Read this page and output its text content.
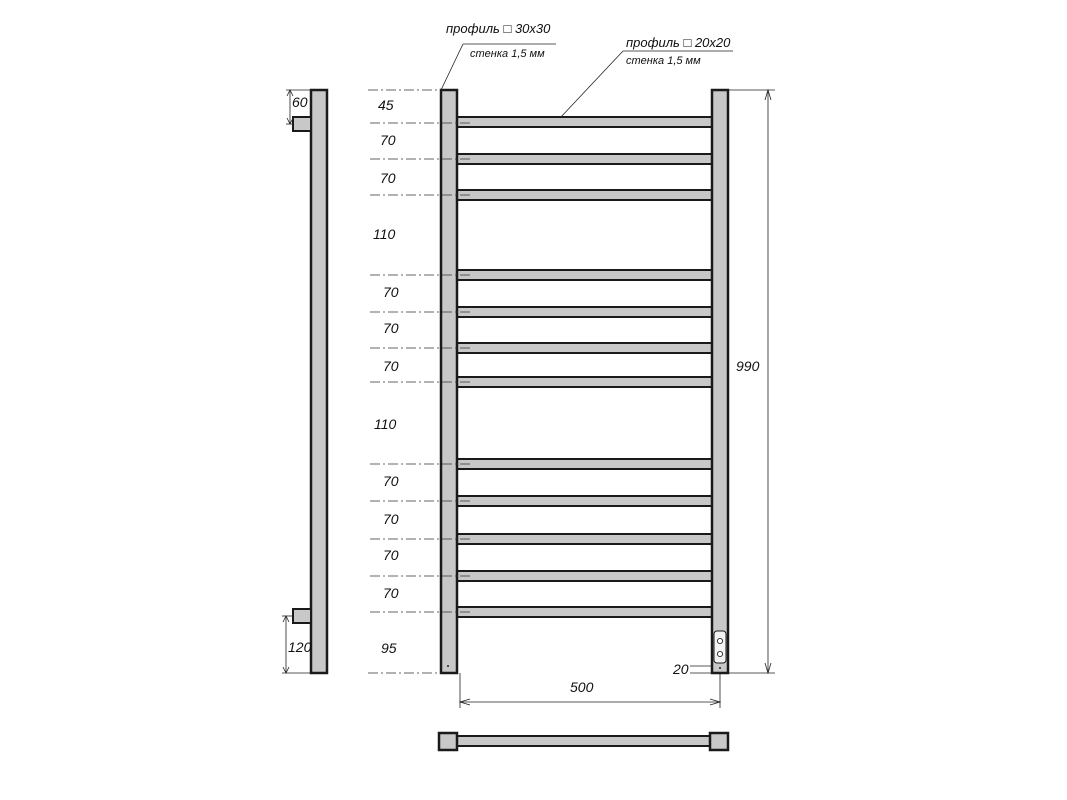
60
120
45
70
70
110
70
70
70
110
70
70
70
70
95
990
20
500
профиль □ 30x30
стенка 1,5 мм
профиль □ 20x20
стенка 1,5 мм
